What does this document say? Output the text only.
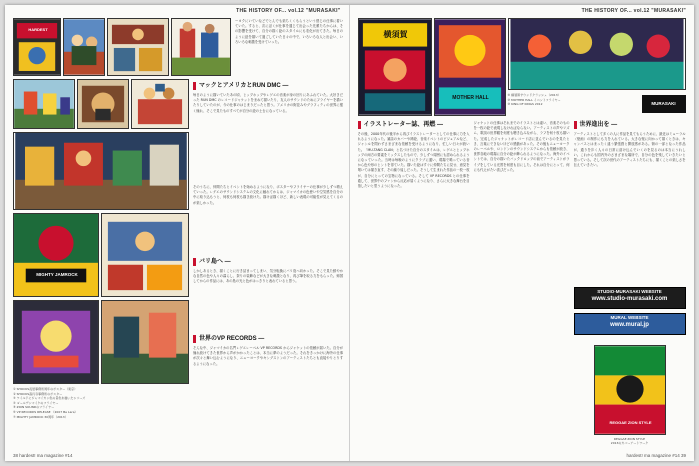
THE HISTORY OF... vol.12 "MURASAKI"
HARDEST
マックとアメリカとRUN DMC —
ーヨクにいていなどでとんでも楽ちくくもらうという感じの仕事に着いていた。すると、次にぼくが仕事を通じて出会った先輩たちからは、その影響を受けて、自分の描く絵のスタイルにも変化が出てきた。毎日のように絵を描いて過ごしていた日々の中で、いろいろな人と出会い、いろいろな刺激を受けていった。
毎日のように描いていたあの頃、ヒップホップやレゲエの音楽が身の回りにあふれていた。大好きだった RUN DMC のレコードジャケットをまねて描いたり、友人のサウンドのためにフライヤーを描いたりしていたのが、今の仕事のはじまりだったと思う。アメリカの街並みやグラフィティの世界に強く憧れ、そこで見たものすべてが自分の絵の土台になっている。
そのうちに、仲間たちとイベントを始めるようになり、ポスターやフライヤーの仕事が少しずつ増えていった。レゲエのサウンドシステムの文化に触れてからは、ジャマイカの色使いや空気感を自分の中に取り込もうと、何枚も何枚も描き続けた。描けば描くほど、新しい表現の可能性が見えてくるのが楽しかった。
バリ島へ —
しかしあるとき、描くことに行き詰まってしまい、気分転換にバリ島へ向かった。そこで見た鮮やかな自然の色や人々の暮らし、祭りの装飾などが大きな刺激となり、再び筆を取る力をもらった。帰国してからの作品には、あの島の光と色がはっきりと表れていると思う。
MIGHTY JAMROCK
世界のVP RECORDS —
そんな中、ジャマイカの名門レゲエレーベル VP RECORDS からジャケットの依頼が届いた。自分が憧れ続けてきた世界から声がかかったことは、本当に夢のようだった。それをきっかけに海外の仕事が次々と舞い込むようになり、ニューヨークやキングストンのアーティストたちとも直接やりとりするようになった。
① SHOCKS長居事務所周年のポスター（東京）
② SHOCKS高円寺事務所のポスター
③ ワイルドにジャマイカン色の景色を描いたシリーズ
④ ゴールデンマイクのフライヤー
⑤ ZION SOUNDのフライヤー
⑥ VP RECORDS RELEASE （2007 Be Lara）
⑦ MIGHTY JAMROCK 30周年（2013）
38 hardest! ma magazine #14
THE HISTORY OF... vol.12 "MURASAKI"
横須賀
MOTHER HALL	⑧ 横須賀サウンドクラッシュ（2013）
⑨ MOTHER HALL イベントフライヤー
⑩ KING OF KINGS 2012	MURASAKI
イラストレーター誌、再燃 —
その後、2000年代の後半から再びイラストレーターとしての仕事に力を入れるようになった。雑誌のカバーや挿絵、音楽イベントのビジュアルなど、ジャンルを問わずさまざまな依頼を受けるようになり、忙しい日々が続いた。「MU-TANG CLAN」と名づけた自分のスタイルは、レゲエとヒップホップの両方の要素をミックスしたもので、少しずつ周囲にも認められるようになっていった。当時は毎晩のようにクラブに通い、現場で鳴っている音から色や形のヒントを得ていた。描いた絵はすぐに仲間たちに見せ、意見を聞いては描き直す、その繰り返しだった。そうして生まれた作品の一枚一枚が、自分にとっての宝物になっている。そして VP RECORDS との仕事を通して、世界中のファンから反応が届くようになり、さらに大きな舞台を目指したいと思うようになった。
ジャケットの仕事はそれまでのイラストとは違い、音楽そのものを一枚の絵で表現しなければならない。アーティストの声やリズム、歌詞の世界観を何度も聴き込みながら、ラフを何十枚も描いた。完成したジャケットがレコード店に並んでいるのを見たとき、言葉にできないほどの感動があった。その後もニューヨークのレーベルや、ロンドンのサウンドシステムからも依頼が続き、世界各地の現場に自分の絵が飾られるようになった。海外のイベントでは、自分の描いたバックドロップの前でアーティストがライブをしている光景を何度も目にした。それは自分にとって、何にも代えがたい喜びだった。
世界進出を —
アーティストとして多くの人に作品を見てもらうために、最近はミューラル（壁画）の制作にも力を入れている。大きな壁に向かって描くときは、キャンバスとはまったく違う緊張感と開放感がある。街の一部となった作品が、通りを歩く人々の日常に溶け込んでいくのを見るのは本当にうれしい。これからも国内外のさまざまな場所で、自分の色を残していきたいと思っている。そして次の世代のアーティストたちにも、描くことの楽しさを伝えていきたい。
STUDIO-MURASAKI WEBSITE
www.studio-murasaki.com
MURAL WEBSITE
www.mural.jp
REGGAE ZION STYLE
REGGAE ZION STYLE
2013のカバーアートワーク
hardest! ma magazine #14 39
